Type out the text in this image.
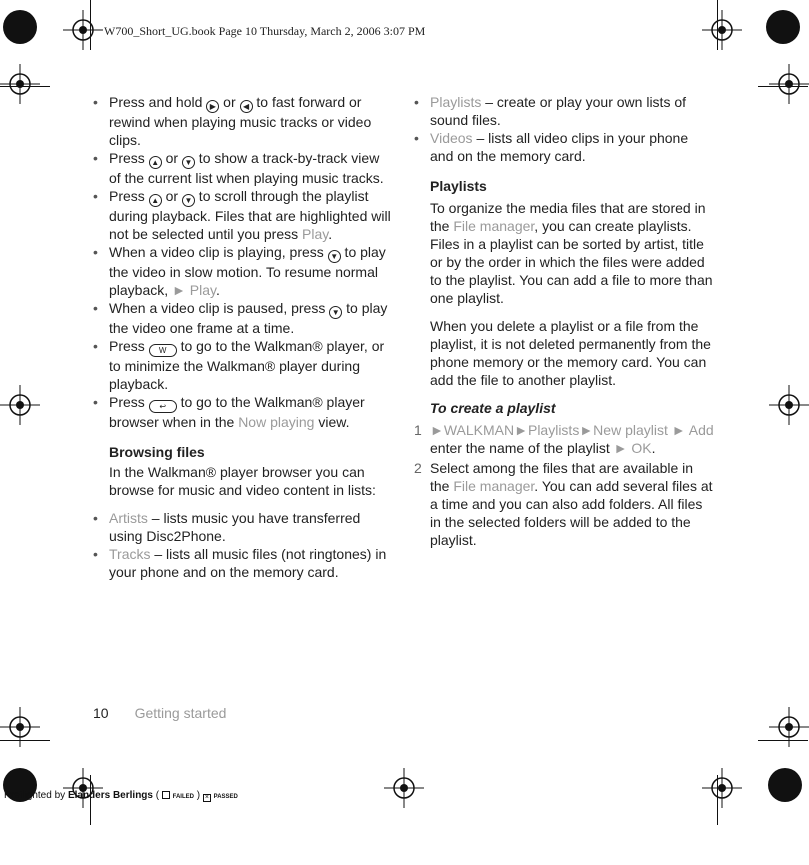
W700_Short_UG.book Page 10 Thursday, March 2, 2006 3:07 PM
• Press and hold ▶ or ◀ to fast forward or rewind when playing music tracks or video clips.
• Press ▲ or ▼ to show a track-by-track view of the current list when playing music tracks.
• Press ▲ or ▼ to scroll through the playlist during playback. Files that are highlighted will not be selected until you press Play.
• When a video clip is playing, press ▼ to play the video in slow motion. To resume normal playback, ► Play.
• When a video clip is paused, press ▼ to play the video one frame at a time.
• Press W to go to the Walkman® player, or to minimize the Walkman® player during playback.
• Press ↩ to go to the Walkman® player browser when in the Now playing view.
Browsing files

In the Walkman® player browser you can browse for music and video content in lists:

• Artists – lists music you have transferred using Disc2Phone.
• Tracks – lists all music files (not ringtones) in your phone and on the memory card.
• Playlists – create or play your own lists of sound files.
• Videos – lists all video clips in your phone and on the memory card.
Playlists

To organize the media files that are stored in the File manager, you can create playlists. Files in a playlist can be sorted by artist, title or by the order in which the files were added to the playlist. You can add a file to more than one playlist.

When you delete a playlist or a file from the playlist, it is not deleted permanently from the phone memory or the memory card. You can add the file to another playlist.

To create a playlist
1 ►WALKMAN►Playlists►New playlist ► Add enter the name of the playlist ► OK.
2 Select among the files that are available in the File manager. You can add several files at a time and you can also add folders. All files in the selected folders will be added to the playlist.
10 Getting started
Preflighted by Elanders Berlings (  FAILED ) × PASSED
